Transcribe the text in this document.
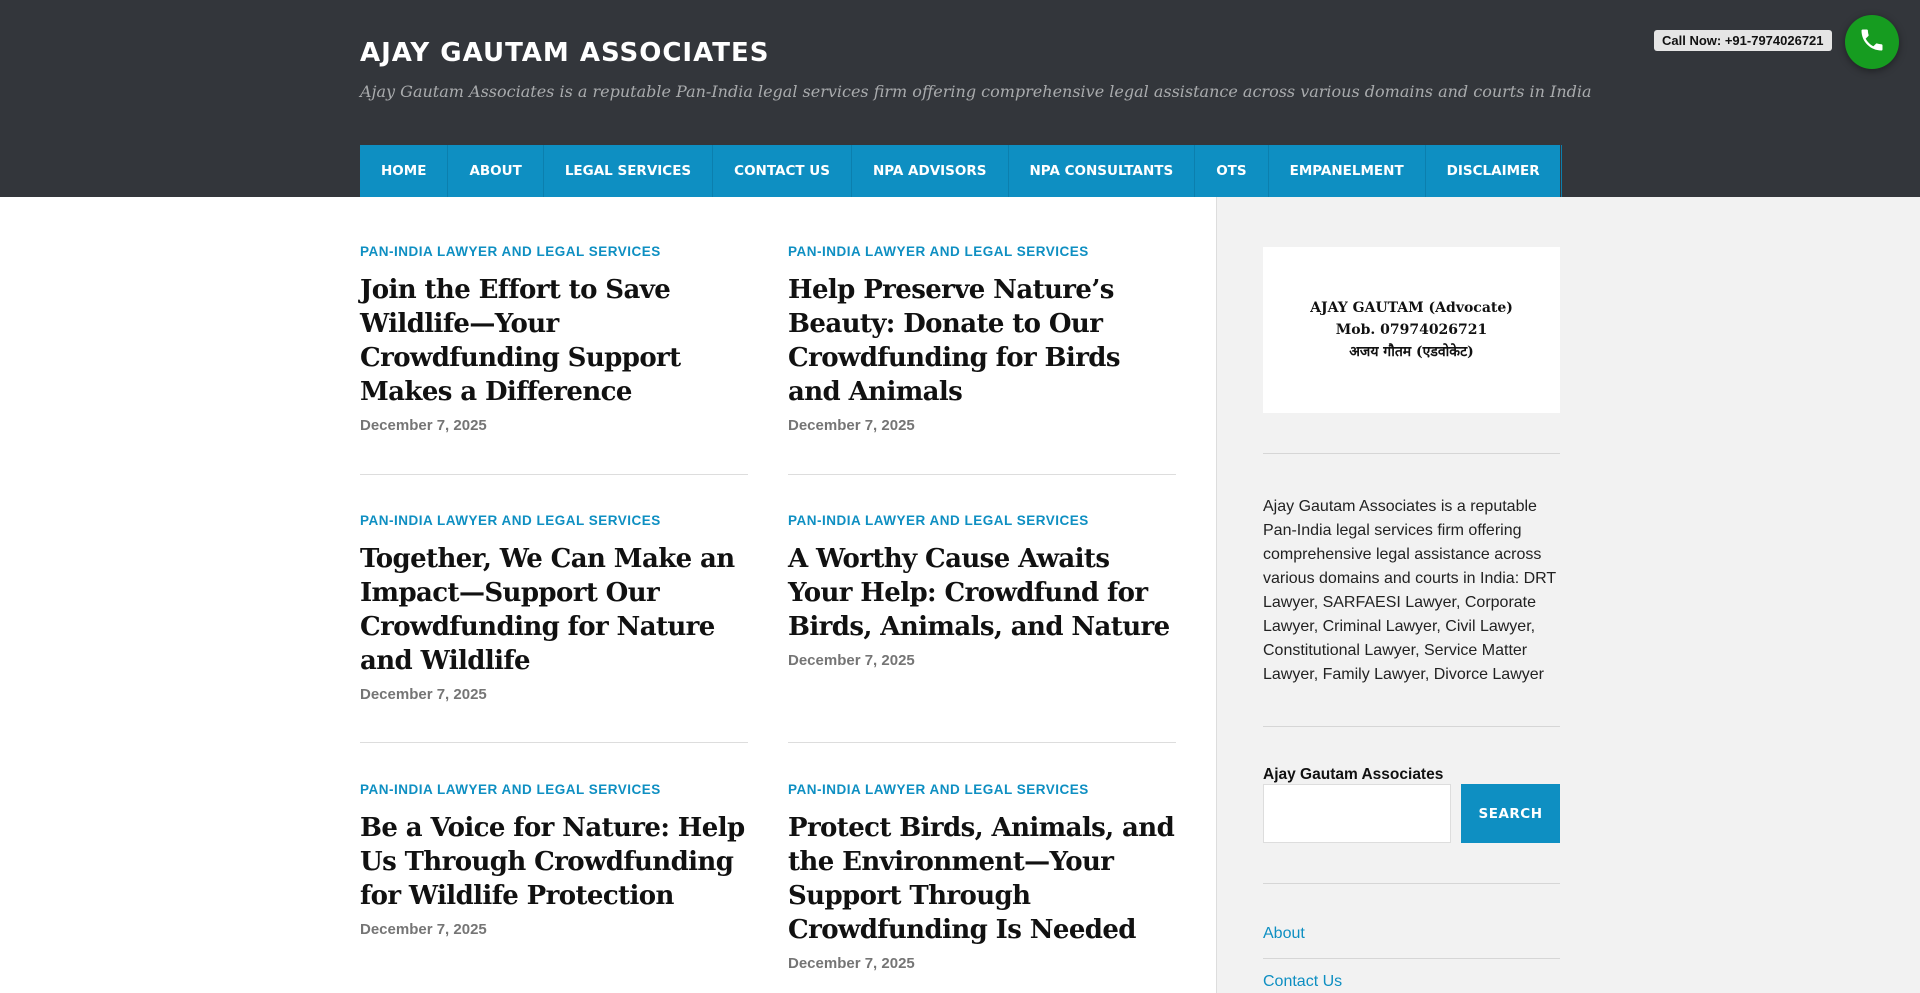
AJAY GAUTAM ASSOCIATES
Ajay Gautam Associates is a reputable Pan-India legal services firm offering comprehensive legal assistance across various domains and courts in India
HOME	ABOUT	LEGAL SERVICES	CONTACT US	NPA ADVISORS	NPA CONSULTANTS	OTS	EMPANELMENT	DISCLAIMER
Call Now: +91-7974026721
PAN-INDIA LAWYER AND LEGAL SERVICES
Join the Effort to Save Wildlife—Your Crowdfunding Support Makes a Difference
December 7, 2025
PAN-INDIA LAWYER AND LEGAL SERVICES
Help Preserve Nature’s Beauty: Donate to Our Crowdfunding for Birds and Animals
December 7, 2025
PAN-INDIA LAWYER AND LEGAL SERVICES
Together, We Can Make an Impact—Support Our Crowdfunding for Nature and Wildlife
December 7, 2025
PAN-INDIA LAWYER AND LEGAL SERVICES
A Worthy Cause Awaits Your Help: Crowdfund for Birds, Animals, and Nature
December 7, 2025
PAN-INDIA LAWYER AND LEGAL SERVICES
Be a Voice for Nature: Help Us Through Crowdfunding for Wildlife Protection
December 7, 2025
PAN-INDIA LAWYER AND LEGAL SERVICES
Protect Birds, Animals, and the Environment—Your Support Through Crowdfunding Is Needed
December 7, 2025
AJAY GAUTAM (Advocate)
Mob. 07974026721
अजय गौतम (एडवोकेट)

Ajay Gautam Associates is a reputable Pan-India legal services firm offering comprehensive legal assistance across various domains and courts in India: DRT Lawyer, SARFAESI Lawyer, Corporate Lawyer, Criminal Lawyer, Civil Lawyer, Constitutional Lawyer, Service Matter Lawyer, Family Lawyer, Divorce Lawyer

Ajay Gautam Associates
SEARCH
About
Contact Us
